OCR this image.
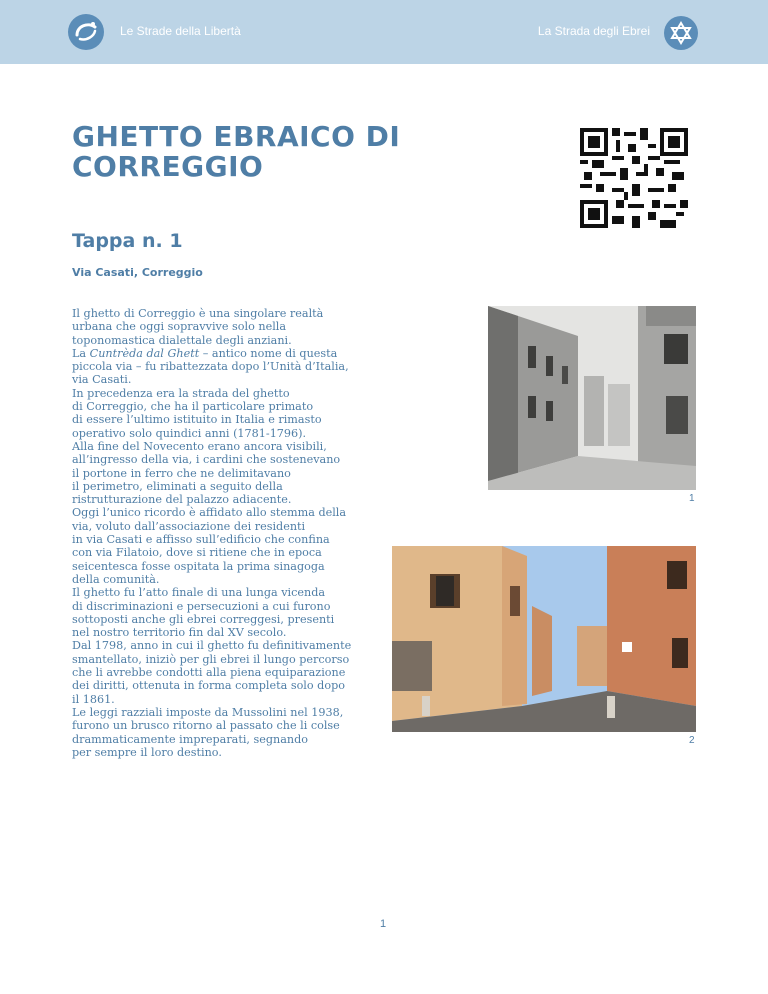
Le Strade della Libertà	La Strada degli Ebrei
GHETTO EBRAICO DI CORREGGIO
Tappa n. 1
Via Casati, Correggio

Il ghetto di Correggio è una singolare realtà

urbana che oggi sopravvive solo nella

toponomastica dialettale degli anziani.

La Cuntrèda dal Ghett – antico nome di questa

piccola via – fu ribattezzata dopo l’Unità d’Italia,

via Casati.

In precedenza era la strada del ghetto

di Correggio, che ha il particolare primato

di essere l’ultimo istituito in Italia e rimasto

operativo solo quindici anni (1781-1796).

Alla fine del Novecento erano ancora visibili,

all’ingresso della via, i cardini che sostenevano

il portone in ferro che ne delimitavano

il perimetro, eliminati a seguito della

ristrutturazione del palazzo adiacente.

Oggi l’unico ricordo è affidato allo stemma della

via, voluto dall’associazione dei residenti

in via Casati e affisso sull’edificio che confina

con via Filatoio, dove si ritiene che in epoca

seicentesca fosse ospitata la prima sinagoga

della comunità.

Il ghetto fu l’atto finale di una lunga vicenda

di discriminazioni e persecuzioni a cui furono

sottoposti anche gli ebrei correggesi, presenti

nel nostro territorio fin dal XV secolo.

Dal 1798, anno in cui il ghetto fu definitivamente

smantellato, iniziò per gli ebrei il lungo percorso

che li avrebbe condotti alla piena equiparazione

dei diritti, ottenuta in forma completa solo dopo

il 1861.

Le leggi razziali imposte da Mussolini nel 1938,

furono un brusco ritorno al passato che li colse

drammaticamente impreparati, segnando

per sempre il loro destino.

1
2
1
